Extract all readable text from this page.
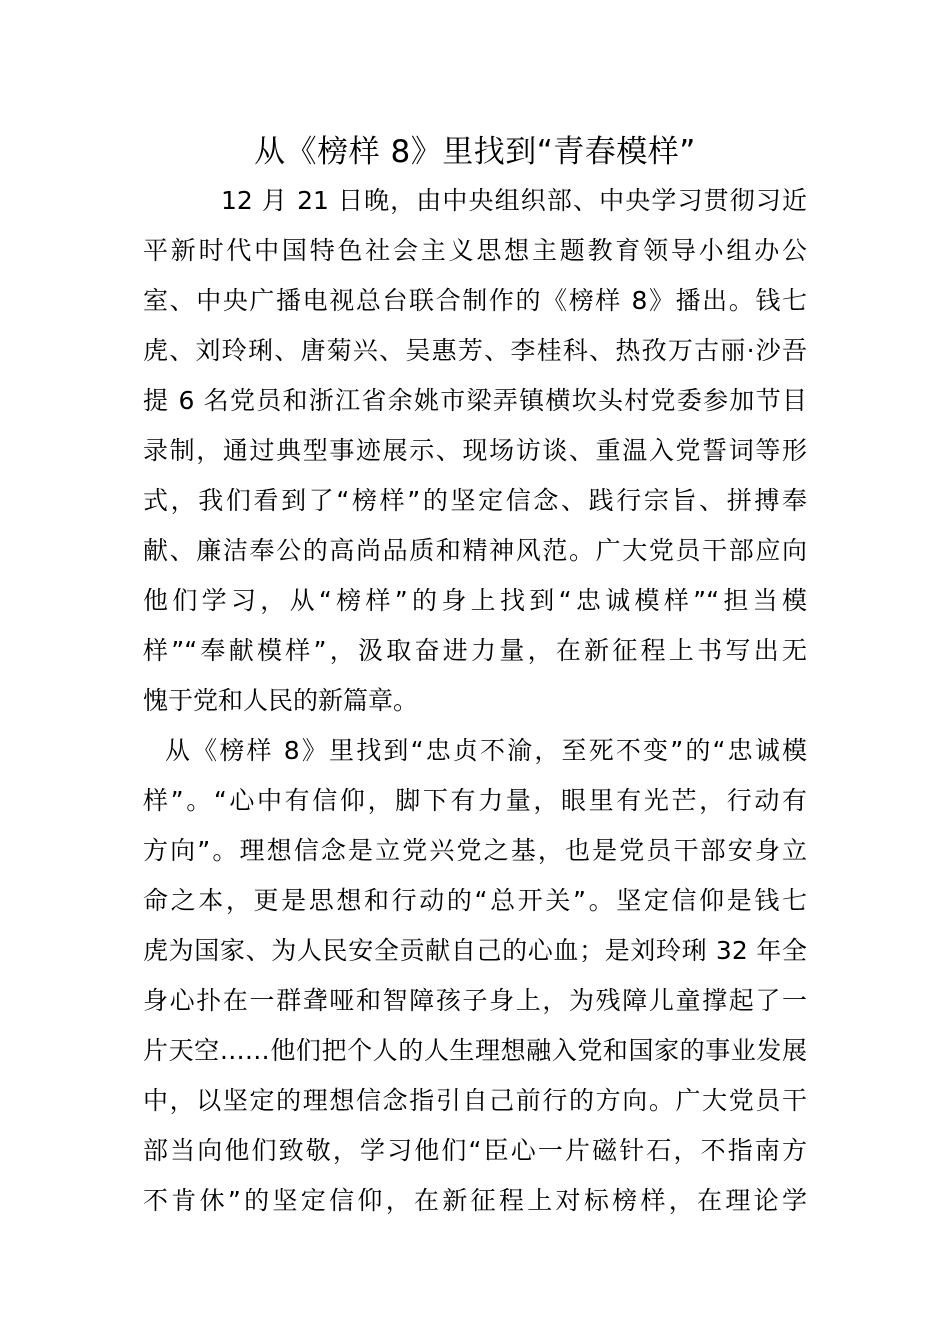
从《榜样 8》里找到“青春模样”
12 月 21 日晚，由中央组织部、中央学习贯彻习近
平新时代中国特色社会主义思想主题教育领导小组办公
室、中央广播电视总台联合制作的《榜样 8》播出。钱七
虎、刘玲琍、唐菊兴、吴惠芳、李桂科、热孜万古丽·沙吾
提 6 名党员和浙江省余姚市梁弄镇横坎头村党委参加节目
录制，通过典型事迹展示、现场访谈、重温入党誓词等形
式，我们看到了“榜样”的坚定信念、践行宗旨、拼搏奉
献、廉洁奉公的高尚品质和精神风范。广大党员干部应向
他们学习，从“榜样”的身上找到“忠诚模样”“担当模
样”“奉献模样”，汲取奋进力量，在新征程上书写出无
愧于党和人民的新篇章。
从《榜样 8》里找到“忠贞不渝，至死不变”的“忠诚模
样”。“心中有信仰，脚下有力量，眼里有光芒，行动有
方向”。理想信念是立党兴党之基，也是党员干部安身立
命之本，更是思想和行动的“总开关”。坚定信仰是钱七
虎为国家、为人民安全贡献自己的心血；是刘玲琍 32 年全
身心扑在一群聋哑和智障孩子身上，为残障儿童撑起了一
片天空……他们把个人的人生理想融入党和国家的事业发展
中，以坚定的理想信念指引自己前行的方向。广大党员干
部当向他们致敬，学习他们“臣心一片磁针石，不指南方
不肯休”的坚定信仰，在新征程上对标榜样，在理论学
